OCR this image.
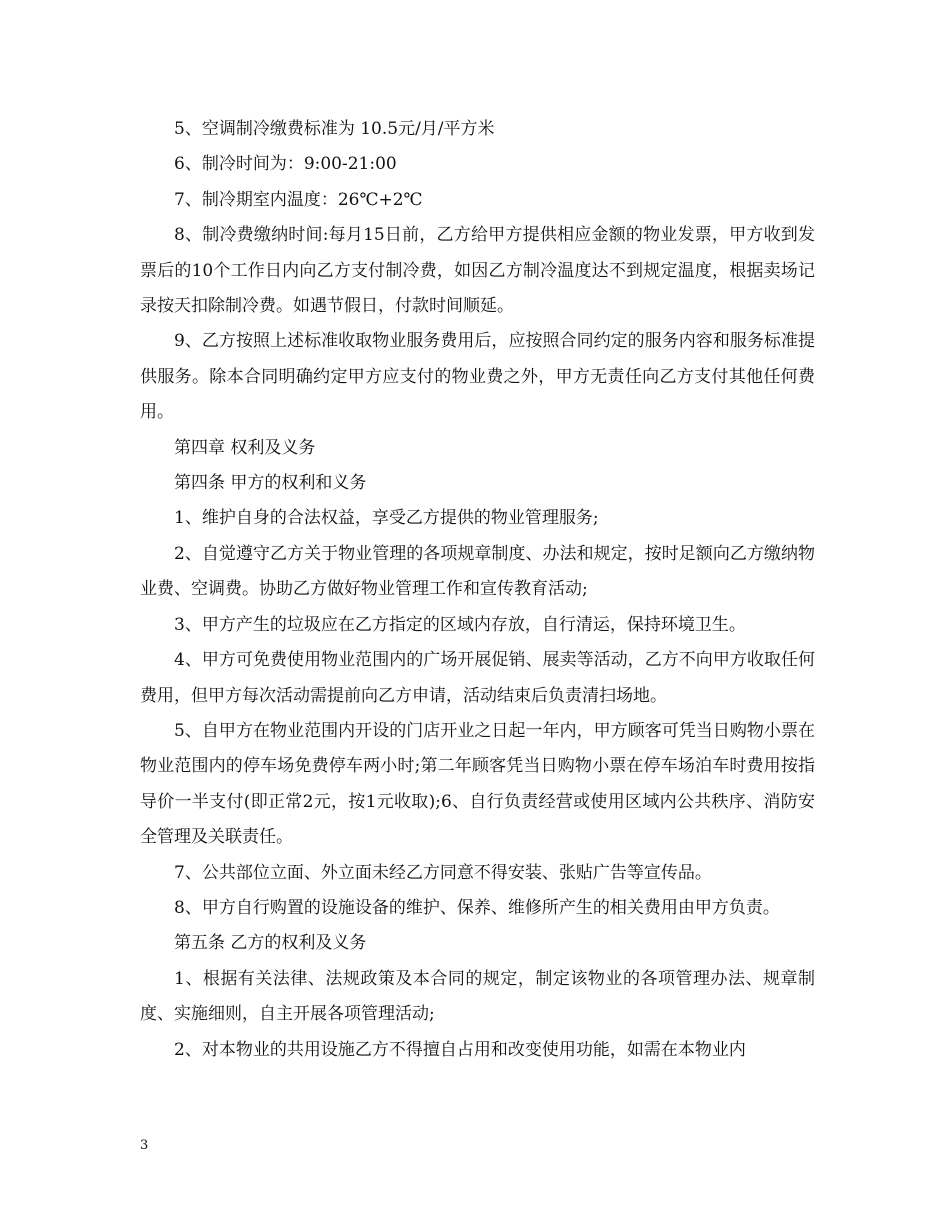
5、空调制冷缴费标准为 10.5元/月/平方米

6、制冷时间为：9:00-21:00

7、制冷期室内温度：26℃+2℃

8、制冷费缴纳时间:每月15日前，乙方给甲方提供相应金额的物业发票，甲方收到发票后的10个工作日内向乙方支付制冷费，如因乙方制冷温度达不到规定温度，根据卖场记录按天扣除制冷费。如遇节假日，付款时间顺延。

9、乙方按照上述标准收取物业服务费用后，应按照合同约定的服务内容和服务标准提供服务。除本合同明确约定甲方应支付的物业费之外，甲方无责任向乙方支付其他任何费用。

第四章 权利及义务

第四条 甲方的权利和义务

1、维护自身的合法权益，享受乙方提供的物业管理服务;

2、自觉遵守乙方关于物业管理的各项规章制度、办法和规定，按时足额向乙方缴纳物业费、空调费。协助乙方做好物业管理工作和宣传教育活动;

3、甲方产生的垃圾应在乙方指定的区域内存放，自行清运，保持环境卫生。

4、甲方可免费使用物业范围内的广场开展促销、展卖等活动，乙方不向甲方收取任何费用，但甲方每次活动需提前向乙方申请，活动结束后负责清扫场地。

5、自甲方在物业范围内开设的门店开业之日起一年内，甲方顾客可凭当日购物小票在物业范围内的停车场免费停车两小时;第二年顾客凭当日购物小票在停车场泊车时费用按指导价一半支付(即正常2元，按1元收取);6、自行负责经营或使用区域内公共秩序、消防安全管理及关联责任。

7、公共部位立面、外立面未经乙方同意不得安装、张贴广告等宣传品。

8、甲方自行购置的设施设备的维护、保养、维修所产生的相关费用由甲方负责。

第五条 乙方的权利及义务

1、根据有关法律、法规政策及本合同的规定，制定该物业的各项管理办法、规章制度、实施细则，自主开展各项管理活动;

2、对本物业的共用设施乙方不得擅自占用和改变使用功能，如需在本物业内

3
